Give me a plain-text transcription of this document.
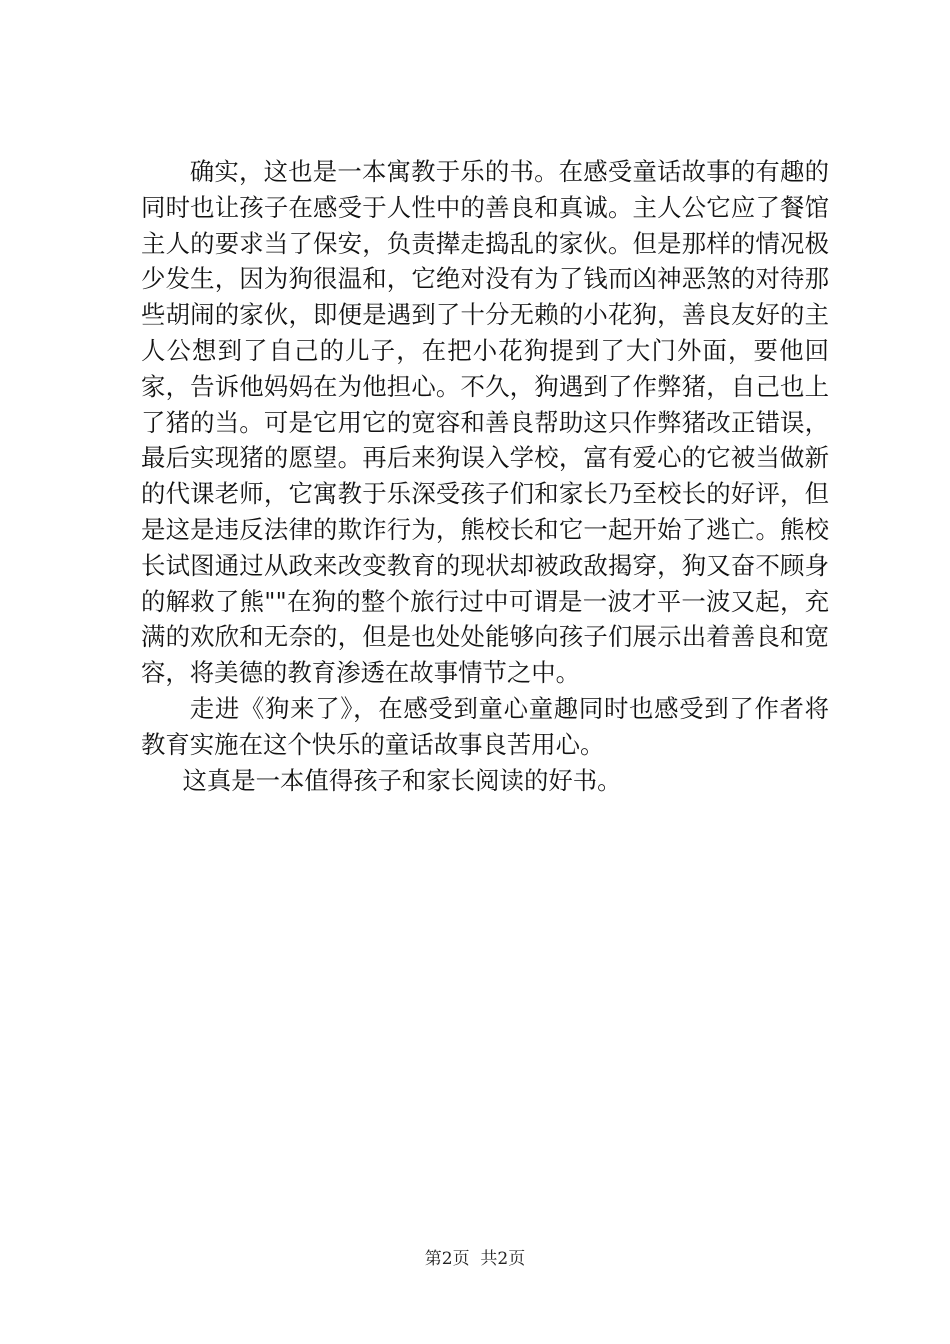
确实，这也是一本寓教于乐的书。在感受童话故事的有趣的同时也让孩子在感受于人性中的善良和真诚。主人公它应了餐馆主人的要求当了保安，负责撵走捣乱的家伙。但是那样的情况极少发生，因为狗很温和，它绝对没有为了钱而凶神恶煞的对待那些胡闹的家伙，即便是遇到了十分无赖的小花狗，善良友好的主人公想到了自己的儿子，在把小花狗提到了大门外面，要他回家，告诉他妈妈在为他担心。不久，狗遇到了作弊猪，自己也上了猪的当。可是它用它的宽容和善良帮助这只作弊猪改正错误，最后实现猪的愿望。再后来狗误入学校，富有爱心的它被当做新的代课老师，它寓教于乐深受孩子们和家长乃至校长的好评，但是这是违反法律的欺诈行为，熊校长和它一起开始了逃亡。熊校长试图通过从政来改变教育的现状却被政敌揭穿，狗又奋不顾身的解救了熊""在狗的整个旅行过中可谓是一波才平一波又起，充满的欢欣和无奈的，但是也处处能够向孩子们展示出着善良和宽容，将美德的教育渗透在故事情节之中。

走进《狗来了》，在感受到童心童趣同时也感受到了作者将教育实施在这个快乐的童话故事良苦用心。

这真是一本值得孩子和家长阅读的好书。

第2页  共2页
